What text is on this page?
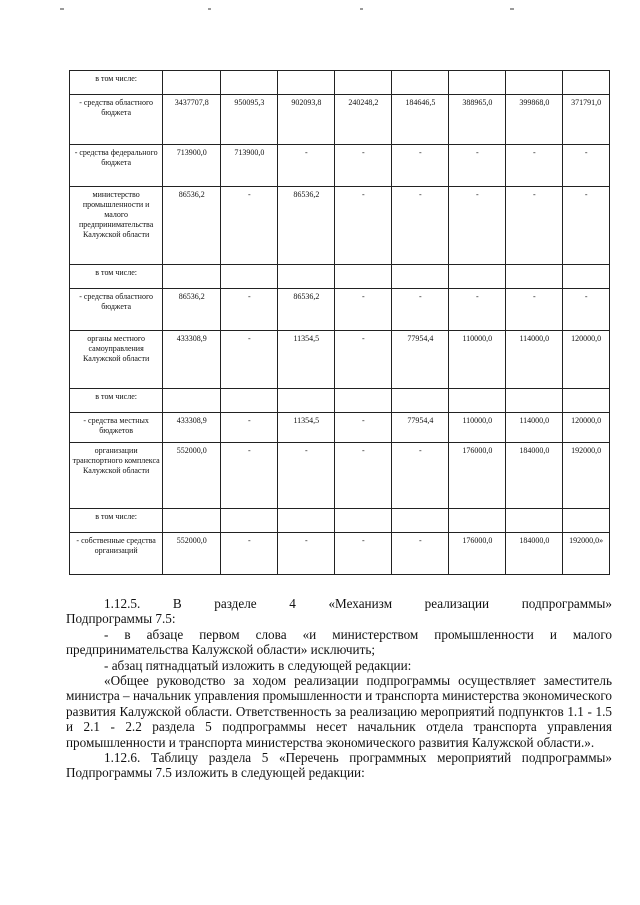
в том числе:								
- средства областного бюджета	3437707,8	950095,3	902093,8	240248,2	184646,5	388965,0	399868,0	371791,0
- средства федерального бюджета	713900,0	713900,0	-	-	-	-	-	-
министерство промышленности и малого предпринимательства Калужской области	86536,2	-	86536,2	-	-	-	-	-
в том числе:								
- средства областного бюджета	86536,2	-	86536,2	-	-	-	-	-
органы местного самоуправления Калужской области	433308,9	-	11354,5	-	77954,4	110000,0	114000,0	120000,0
в том числе:								
- средства местных бюджетов	433308,9	-	11354,5	-	77954,4	110000,0	114000,0	120000,0
организации транспортного комплекса Калужской области	552000,0	-	-	-	-	176000,0	184000,0	192000,0
в том числе:								
- собственные средства организаций	552000,0	-	-	-	-	176000,0	184000,0	192000,0»

1.12.5. В разделе 4 «Механизм реализации подпрограммы»

Подпрограммы 7.5:

- в абзаце первом слова «и министерством промышленности и малого предпринимательства Калужской области» исключить;

- абзац пятнадцатый изложить в следующей редакции:

«Общее руководство за ходом реализации подпрограммы осуществляет заместитель министра – начальник управления промышленности и транспорта министерства экономического развития Калужской области. Ответственность за реализацию мероприятий подпунктов 1.1 - 1.5 и 2.1 - 2.2 раздела 5 подпрограммы несет начальник отдела транспорта управления промышленности и транспорта министерства экономического развития Калужской области.».

1.12.6. Таблицу раздела 5 «Перечень программных мероприятий подпрограммы» Подпрограммы 7.5 изложить в следующей редакции:
